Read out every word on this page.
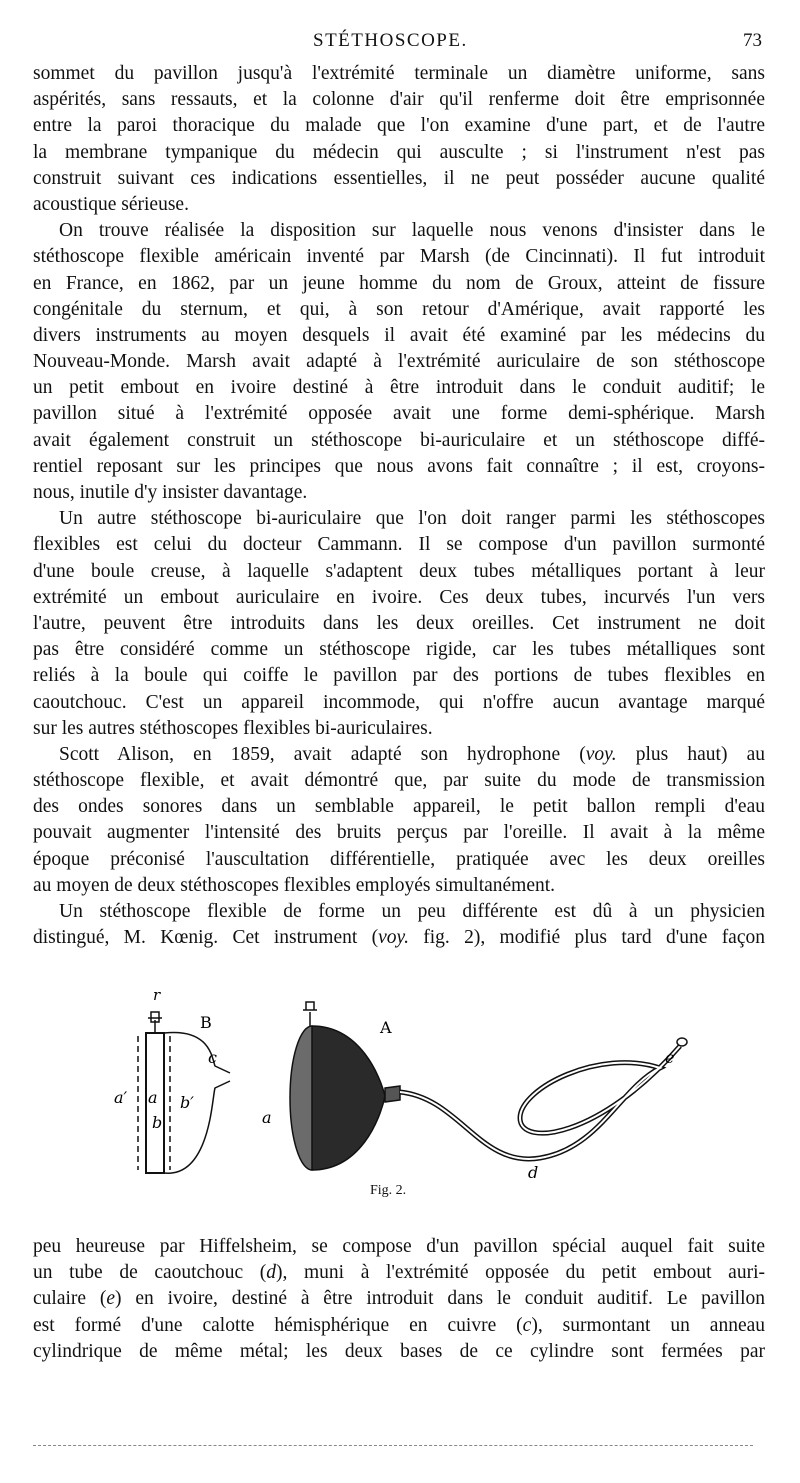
STÉTHOSCOPE.	73
sommet du pavillon jusqu'à l'extrémité terminale un diamètre uniforme, sans
aspérités, sans ressauts, et la colonne d'air qu'il renferme doit être emprisonnée
entre la paroi thoracique du malade que l'on examine d'une part, et de l'autre
la membrane tympanique du médecin qui ausculte ; si l'instrument n'est pas
construit suivant ces indications essentielles, il ne peut posséder aucune qualité
acoustique sérieuse.
On trouve réalisée la disposition sur laquelle nous venons d'insister dans le
stéthoscope flexible américain inventé par Marsh (de Cincinnati). Il fut introduit
en France, en 1862, par un jeune homme du nom de Groux, atteint de fissure
congénitale du sternum, et qui, à son retour d'Amérique, avait rapporté les
divers instruments au moyen desquels il avait été examiné par les médecins du
Nouveau-Monde. Marsh avait adapté à l'extrémité auriculaire de son stéthoscope
un petit embout en ivoire destiné à être introduit dans le conduit auditif; le
pavillon situé à l'extrémité opposée avait une forme demi-sphérique. Marsh
avait également construit un stéthoscope bi-auriculaire et un stéthoscope diffé-
rentiel reposant sur les principes que nous avons fait connaître ; il est, croyons-
nous, inutile d'y insister davantage.
Un autre stéthoscope bi-auriculaire que l'on doit ranger parmi les stéthoscopes
flexibles est celui du docteur Cammann. Il se compose d'un pavillon surmonté
d'une boule creuse, à laquelle s'adaptent deux tubes métalliques portant à leur
extrémité un embout auriculaire en ivoire. Ces deux tubes, incurvés l'un vers
l'autre, peuvent être introduits dans les deux oreilles. Cet instrument ne doit
pas être considéré comme un stéthoscope rigide, car les tubes métalliques sont
reliés à la boule qui coiffe le pavillon par des portions de tubes flexibles en
caoutchouc. C'est un appareil incommode, qui n'offre aucun avantage marqué
sur les autres stéthoscopes flexibles bi-auriculaires.
Scott Alison, en 1859, avait adapté son hydrophone (voy. plus haut) au
stéthoscope flexible, et avait démontré que, par suite du mode de transmission
des ondes sonores dans un semblable appareil, le petit ballon rempli d'eau
pouvait augmenter l'intensité des bruits perçus par l'oreille. Il avait à la même
époque préconisé l'auscultation différentielle, pratiquée avec les deux oreilles
au moyen de deux stéthoscopes flexibles employés simultanément.
Un stéthoscope flexible de forme un peu différente est dû à un physicien
distingué, M. Kœnig. Cet instrument (voy. fig. 2), modifié plus tard d'une façon
r
B
c
a′ a
b
b′
A
a
d
e
Fig. 2.
peu heureuse par Hiffelsheim, se compose d'un pavillon spécial auquel fait suite
un tube de caoutchouc (d), muni à l'extrémité opposée du petit embout auri-
culaire (e) en ivoire, destiné à être introduit dans le conduit auditif. Le pavillon
est formé d'une calotte hémisphérique en cuivre (c), surmontant un anneau
cylindrique de même métal; les deux bases de ce cylindre sont fermées par
